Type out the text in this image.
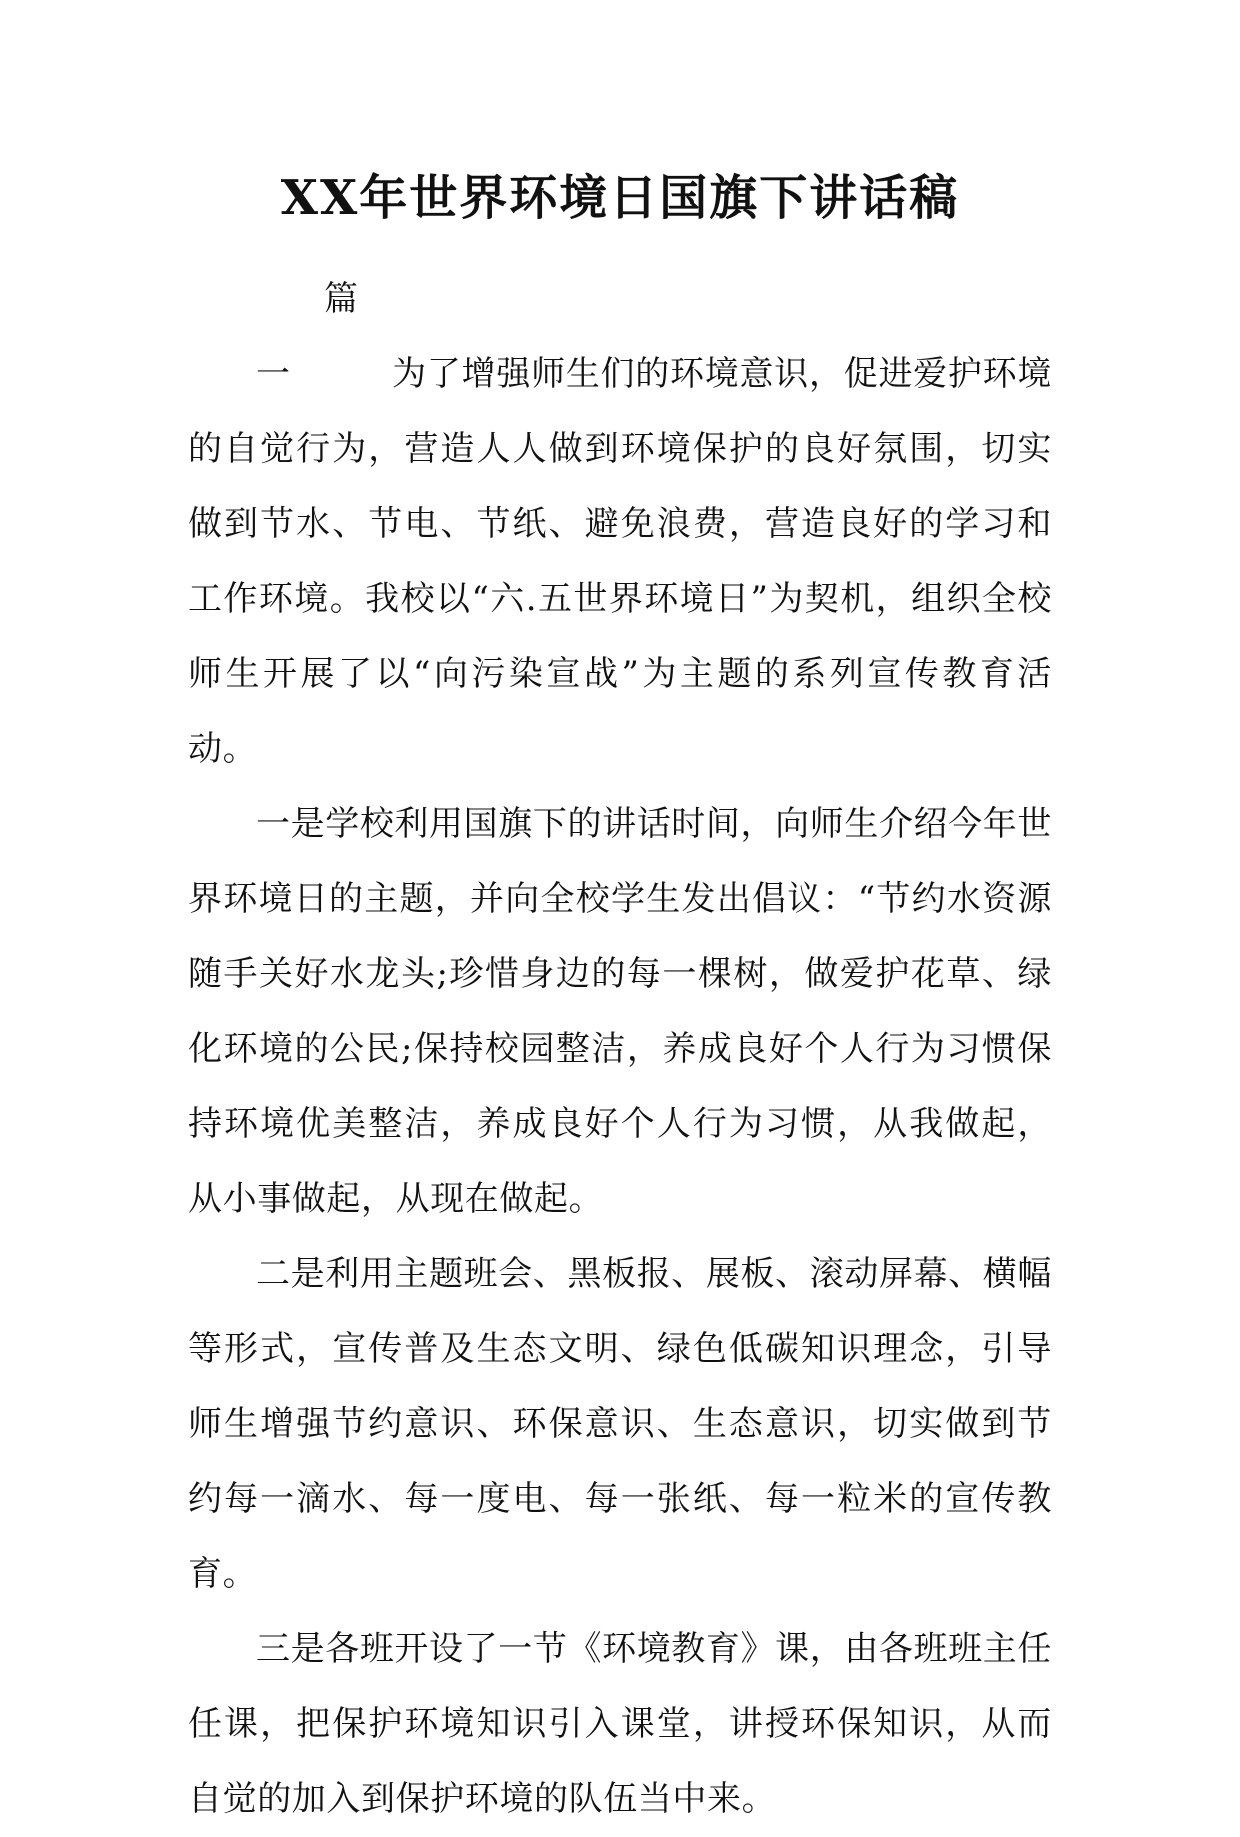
XX年世界环境日国旗下讲话稿

篇一	为了增强师生们的环境意识，促进爱护环境的自觉行为，营造人人做到环境保护的良好氛围，切实做到节水、节电、节纸、避免浪费，营造良好的学习和工作环境。我校以“六.五世界环境日”为契机，组织全校师生开展了以“向污染宣战”为主题的系列宣传教育活动。

一是学校利用国旗下的讲话时间，向师生介绍今年世界环境日的主题，并向全校学生发出倡议：“节约水资源随手关好水龙头;珍惜身边的每一棵树，做爱护花草、绿化环境的公民;保持校园整洁，养成良好个人行为习惯保持环境优美整洁，养成良好个人行为习惯，从我做起，从小事做起，从现在做起。

二是利用主题班会、黑板报、展板、滚动屏幕、横幅等形式，宣传普及生态文明、绿色低碳知识理念，引导师生增强节约意识、环保意识、生态意识，切实做到节约每一滴水、每一度电、每一张纸、每一粒米的宣传教育。

三是各班开设了一节《环境教育》课，由各班班主任任课，把保护环境知识引入课堂，讲授环保知识，从而自觉的加入到保护环境的队伍当中来。
